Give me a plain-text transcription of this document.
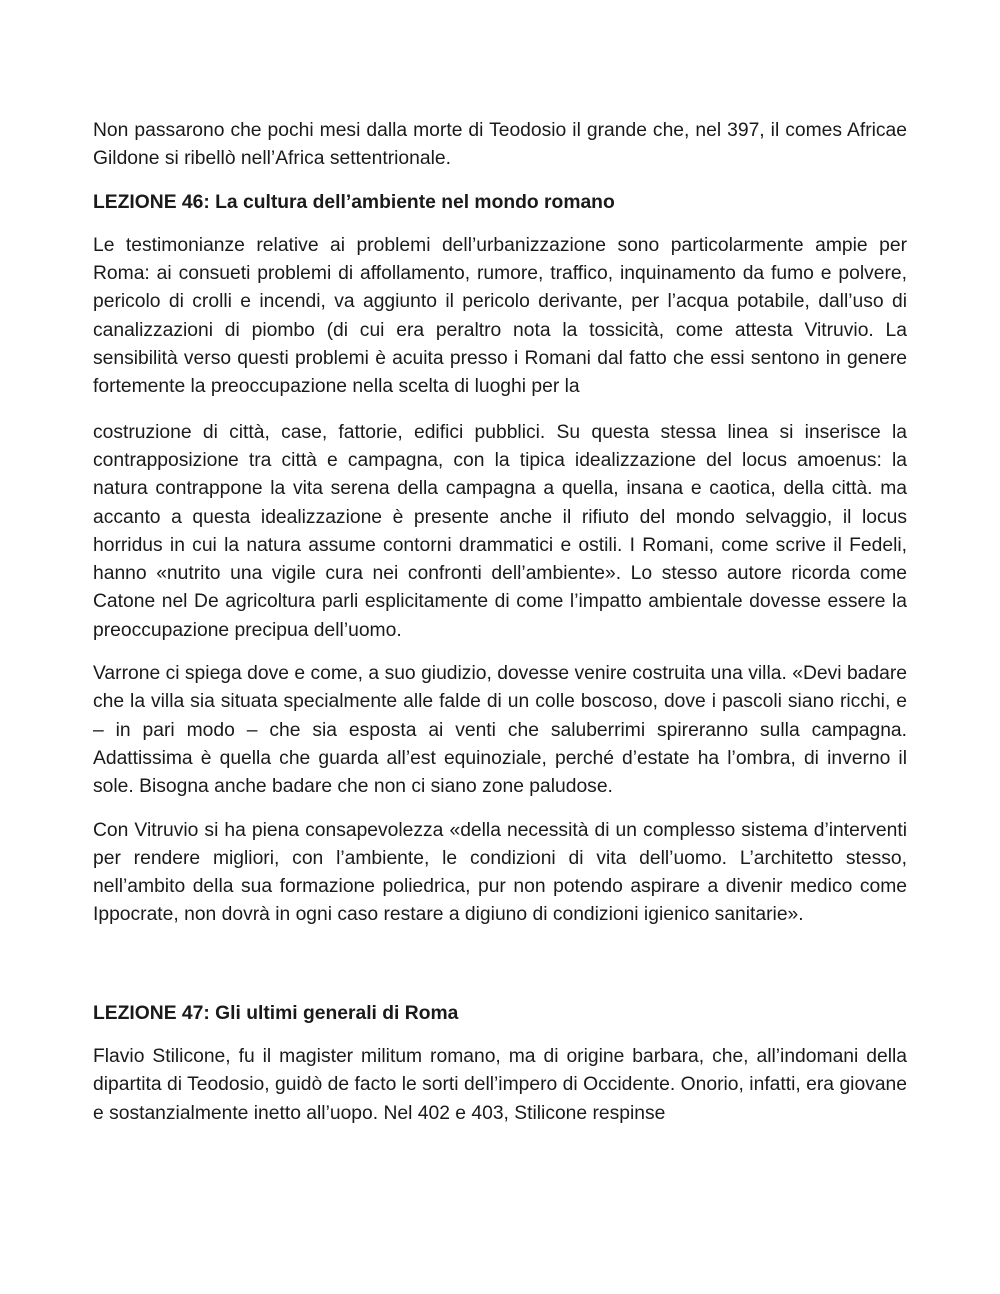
Non passarono che pochi mesi dalla morte di Teodosio il grande che, nel 397, il comes Africae Gildone si ribellò nell’Africa settentrionale.

LEZIONE 46: La cultura dell’ambiente nel mondo romano

Le testimonianze relative ai problemi dell’urbanizzazione sono particolarmente ampie per Roma: ai consueti problemi di affollamento, rumore, traffico, inquinamento da fumo e polvere, pericolo di crolli e incendi, va aggiunto il pericolo derivante, per l’acqua potabile, dall’uso di canalizzazioni di piombo (di cui era peraltro nota la tossicità, come attesta Vitruvio. La sensibilità verso questi problemi è acuita presso i Romani dal fatto che essi sentono in genere fortemente la preoccupazione nella scelta di luoghi per la

costruzione di città, case, fattorie, edifici pubblici. Su questa stessa linea si inserisce la contrapposizione tra città e campagna, con la tipica idealizzazione del locus amoenus: la natura contrappone la vita serena della campagna a quella, insana e caotica, della città. ma accanto a questa idealizzazione è presente anche il rifiuto del mondo selvaggio, il locus horridus in cui la natura assume contorni drammatici e ostili. I Romani, come scrive il Fedeli, hanno «nutrito una vigile cura nei confronti dell’ambiente». Lo stesso autore ricorda come Catone nel De agricoltura parli esplicitamente di come l’impatto ambientale dovesse essere la preoccupazione precipua dell’uomo.

Varrone ci spiega dove e come, a suo giudizio, dovesse venire costruita una villa. «Devi badare che la villa sia situata specialmente alle falde di un colle boscoso, dove i pascoli siano ricchi, e – in pari modo – che sia esposta ai venti che saluberrimi spireranno sulla campagna. Adattissima è quella che guarda all’est equinoziale, perché d’estate ha l’ombra, di inverno il sole. Bisogna anche badare che non ci siano zone paludose.

Con Vitruvio si ha piena consapevolezza «della necessità di un complesso sistema d’interventi per rendere migliori, con l’ambiente, le condizioni di vita dell’uomo. L’architetto stesso, nell’ambito della sua formazione poliedrica, pur non potendo aspirare a divenir medico come Ippocrate, non dovrà in ogni caso restare a digiuno di condizioni igienico sanitarie».

LEZIONE 47: Gli ultimi generali di Roma

Flavio Stilicone, fu il magister militum romano, ma di origine barbara, che, all’indomani della dipartita di Teodosio, guidò de facto le sorti dell’impero di Occidente. Onorio, infatti, era giovane e sostanzialmente inetto all’uopo. Nel 402 e 403, Stilicone respinse
